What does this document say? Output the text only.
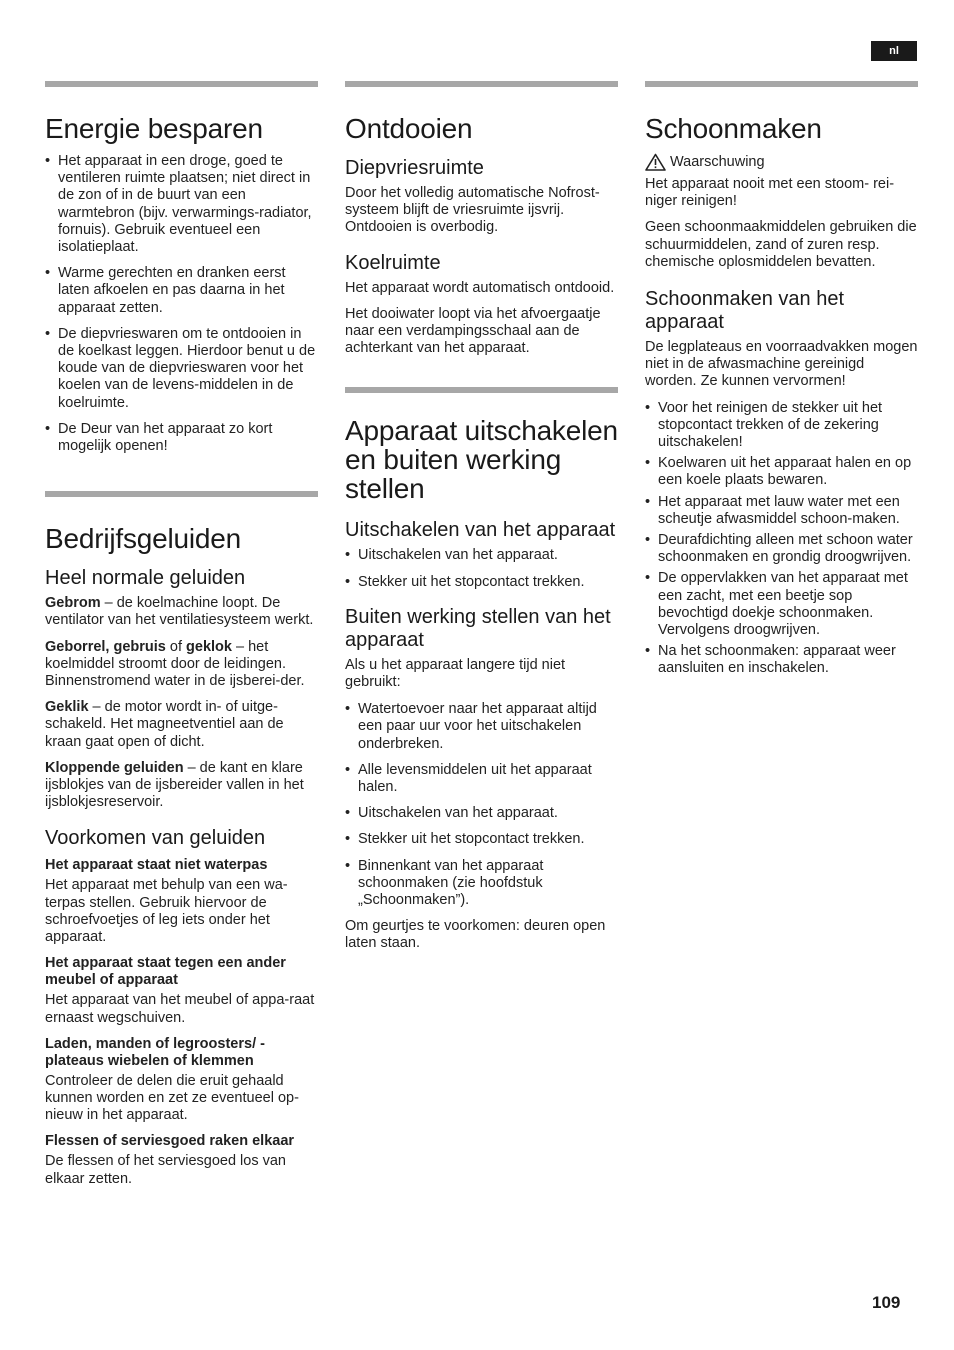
nl
Energie besparen
• Het apparaat in een droge, goed te ventileren ruimte plaatsen; niet direct in de zon of in de buurt van een warmtebron (bijv. verwarmings-radiator, fornuis). Gebruik eventueel een isolatieplaat.
• Warme gerechten en dranken eerst laten afkoelen en pas daarna in het apparaat zetten.
• De diepvrieswaren om te ontdooien in de koelkast leggen. Hierdoor benut u de koude van de diepvrieswaren voor het koelen van de levens-middelen in de koelruimte.
• De Deur van het apparaat zo kort mogelijk openen!
Bedrijfsgeluiden
Heel normale geluiden

Gebrom – de koelmachine loopt. De ventilator van het ventilatiesysteem werkt.

Geborrel, gebruis of geklok – het koelmiddel stroomt door de leidingen. Binnenstromend water in de ijsberei-der.

Geklik – de motor wordt in- of uitge-schakeld. Het magneetventiel aan de kraan gaat open of dicht.

Kloppende geluiden – de kant en klare ijsblokjes van de ijsbereider vallen in het ijsblokjesreservoir.

Voorkomen van geluiden
Het apparaat staat niet waterpas

Het apparaat met behulp van een wa-terpas stellen. Gebruik hiervoor de schroefvoetjes of leg iets onder het apparaat.

Het apparaat staat tegen een ander meubel of apparaat

Het apparaat van het meubel of appa-raat ernaast wegschuiven.

Laden, manden of legroosters/ -plateaus wiebelen of klemmen

Controleer de delen die eruit gehaald kunnen worden en zet ze eventueel op-nieuw in het apparaat.

Flessen of serviesgoed raken elkaar

De flessen of het serviesgoed los van elkaar zetten.

Ontdooien
Diepvriesruimte

Door het volledig automatische Nofrost-systeem blijft de vriesruimte ijsvrij. Ontdooien is overbodig.

Koelruimte

Het apparaat wordt automatisch ontdooid.

Het dooiwater loopt via het afvoergaatje naar een verdampingsschaal aan de achterkant van het apparaat.

Apparaat uitschakelen en buiten werking stellen
Uitschakelen van het apparaat
• Uitschakelen van het apparaat.
• Stekker uit het stopcontact trekken.
Buiten werking stellen van het apparaat

Als u het apparaat langere tijd niet gebruikt:

• Watertoevoer naar het apparaat altijd een paar uur voor het uitschakelen onderbreken.
• Alle levensmiddelen uit het apparaat halen.
• Uitschakelen van het apparaat.
• Stekker uit het stopcontact trekken.
• Binnenkant van het apparaat schoonmaken (zie hoofdstuk „Schoonmaken”).

Om geurtjes te voorkomen: deuren open laten staan.

Schoonmaken
Waarschuwing

Het apparaat nooit met een stoom- rei-niger reinigen!

Geen schoonmaakmiddelen gebruiken die schuurmiddelen, zand of zuren resp. chemische oplosmiddelen bevatten.

Schoonmaken van het apparaat

De legplateaus en voorraadvakken mogen niet in de afwasmachine gereinigd worden. Ze kunnen vervormen!

• Voor het reinigen de stekker uit het stopcontact trekken of de zekering uitschakelen!
• Koelwaren uit het apparaat halen en op een koele plaats bewaren.
• Het apparaat met lauw water met een scheutje afwasmiddel schoon-maken.
• Deurafdichting alleen met schoon water schoonmaken en grondig droogwrijven.
• De oppervlakken van het apparaat met een zacht, met een beetje sop bevochtigd doekje schoonmaken. Vervolgens droogwrijven.
• Na het schoonmaken: apparaat weer aansluiten en inschakelen.
109
